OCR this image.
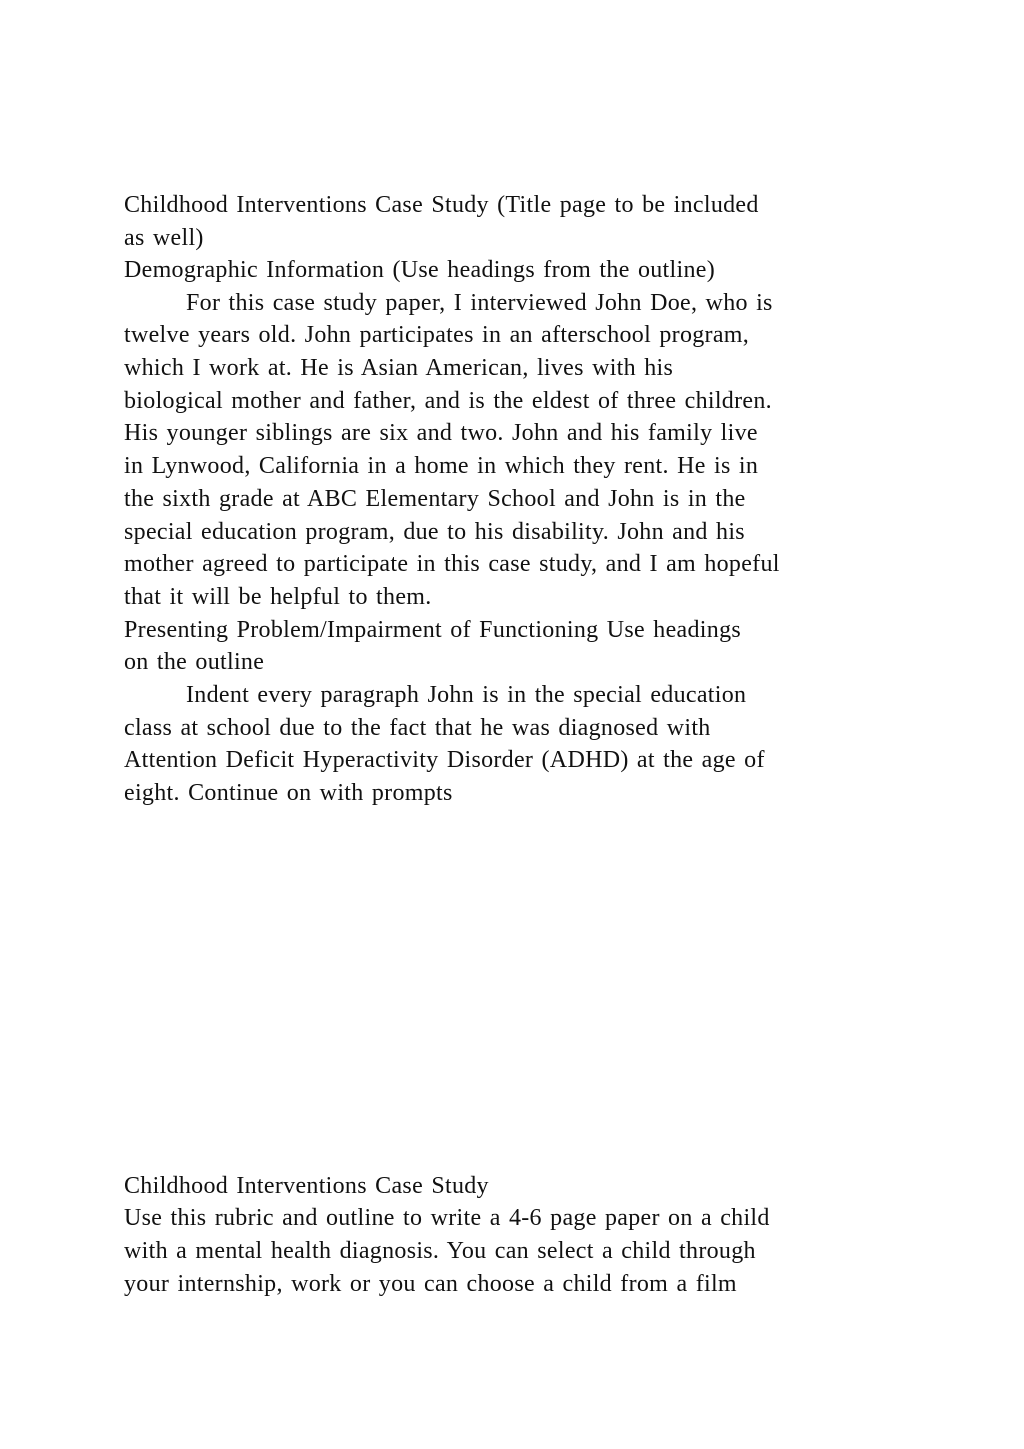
Childhood Interventions Case Study (Title page to be included

as well)

Demographic Information (Use headings from the outline)

For this case study paper, I interviewed John Doe, who is

twelve years old. John participates in an afterschool program,

which I work at. He is Asian American, lives with his

biological mother and father, and is the eldest of three children.

His younger siblings are six and two. John and his family live

in Lynwood, California in a home in which they rent. He is in

the sixth grade at ABC Elementary School and John is in the

special education program, due to his disability. John and his

mother agreed to participate in this case study, and I am hopeful

that it will be helpful to them.

Presenting Problem/Impairment of Functioning Use headings

on the outline

Indent every paragraph John is in the special education

class at school due to the fact that he was diagnosed with

Attention Deficit Hyperactivity Disorder (ADHD) at the age of

eight. Continue on with prompts

Childhood Interventions Case Study

Use this rubric and outline to write a 4-6 page paper on a child

with a mental health diagnosis. You can select a child through

your internship, work or you can choose a child from a film
